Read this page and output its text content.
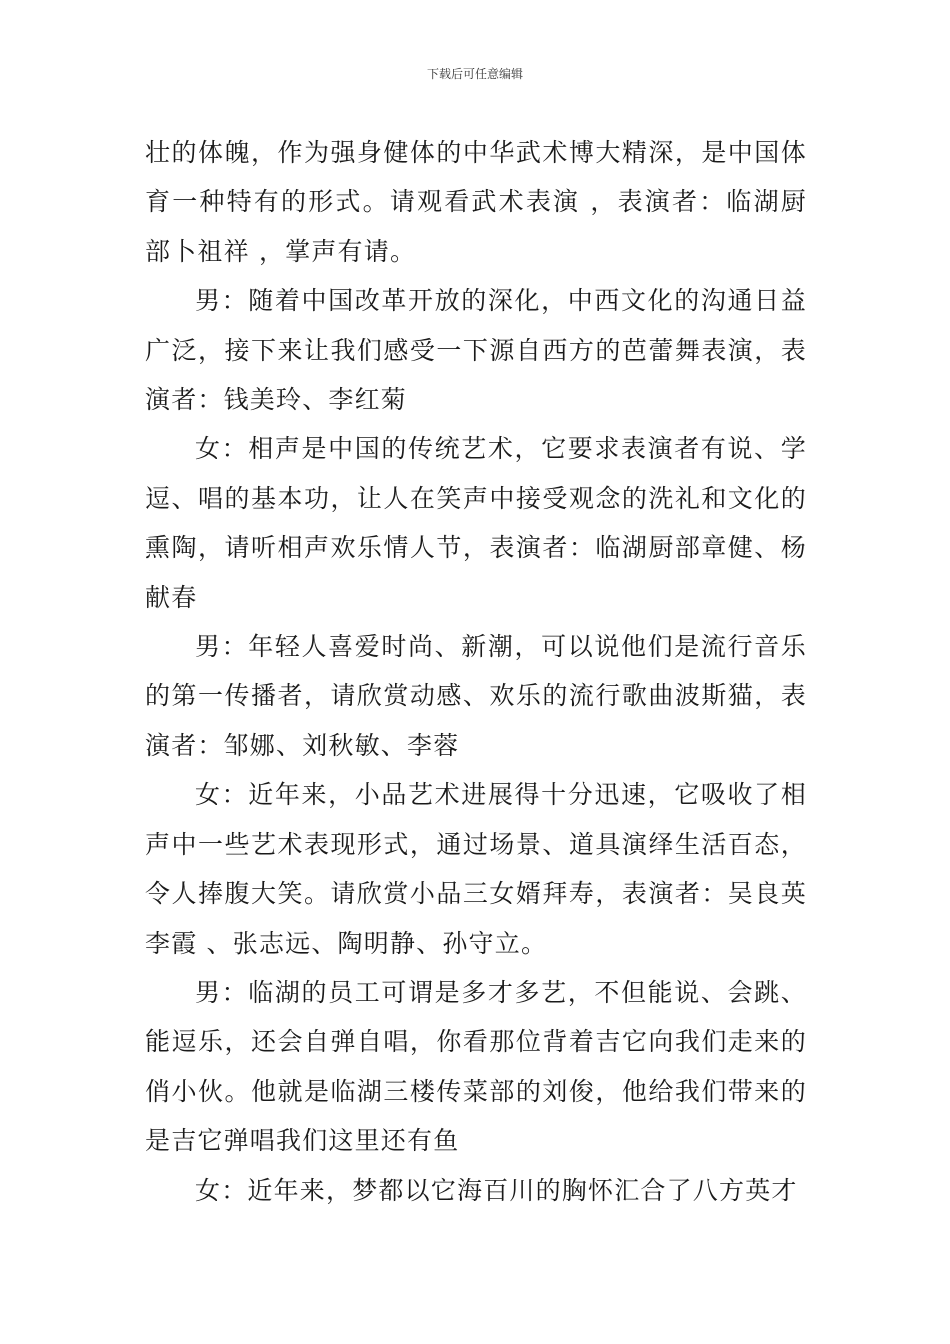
下载后可任意编辑

壮的体魄，作为强身健体的中华武术博大精深，是中国体育一种特有的形式。请观看武术表演 ，表演者：临湖厨部卜祖祥 ，掌声有请。

男：随着中国改革开放的深化，中西文化的沟通日益广泛，接下来让我们感受一下源自西方的芭蕾舞表演，表演者：钱美玲、李红菊

女：相声是中国的传统艺术，它要求表演者有说、学逗、唱的基本功，让人在笑声中接受观念的洗礼和文化的熏陶，请听相声欢乐情人节，表演者：临湖厨部章健、杨献春

男：年轻人喜爱时尚、新潮，可以说他们是流行音乐的第一传播者，请欣赏动感、欢乐的流行歌曲波斯猫，表演者：邹娜、刘秋敏、李蓉

女：近年来，小品艺术进展得十分迅速，它吸收了相声中一些艺术表现形式，通过场景、道具演绎生活百态，令人捧腹大笑。请欣赏小品三女婿拜寿，表演者：吴良英李霞 、张志远、陶明静、孙守立。

男：临湖的员工可谓是多才多艺，不但能说、会跳、能逗乐，还会自弹自唱，你看那位背着吉它向我们走来的俏小伙。他就是临湖三楼传菜部的刘俊，他给我们带来的是吉它弹唱我们这里还有鱼

女：近年来，梦都以它海百川的胸怀汇合了八方英才
